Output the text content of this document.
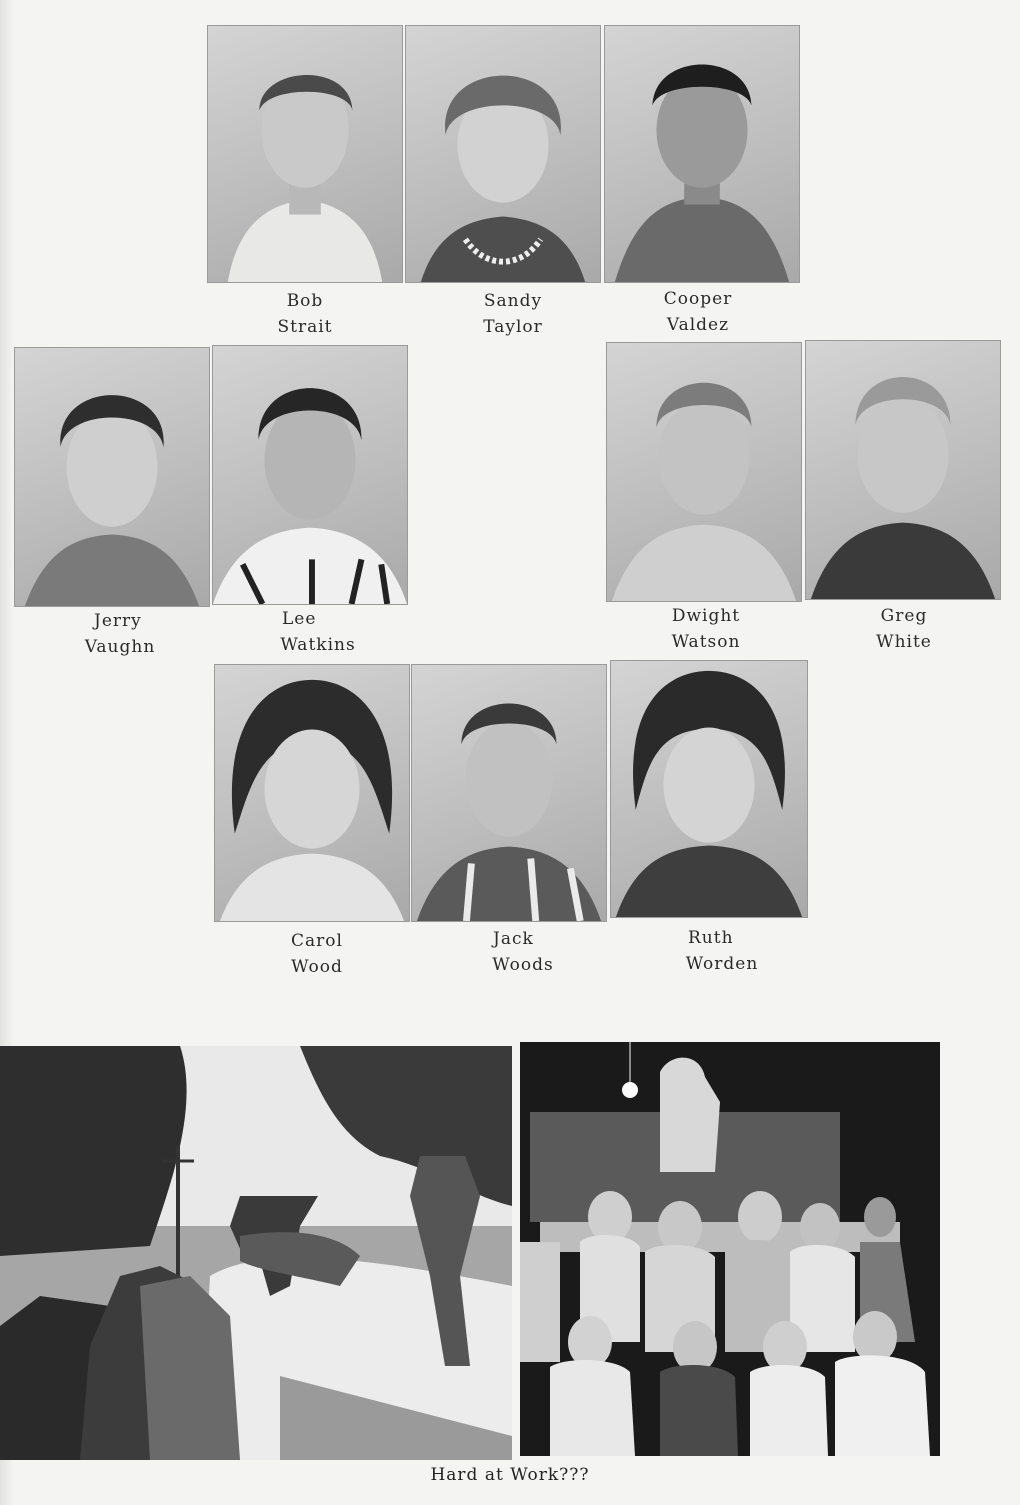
Bob
Strait
Sandy
Taylor
Cooper
Valdez
Jerry
Vaughn
Lee
Watkins
Dwight
Watson
Greg
White
Carol
Wood
Jack
Woods
Ruth
Worden
Hard at Work???
